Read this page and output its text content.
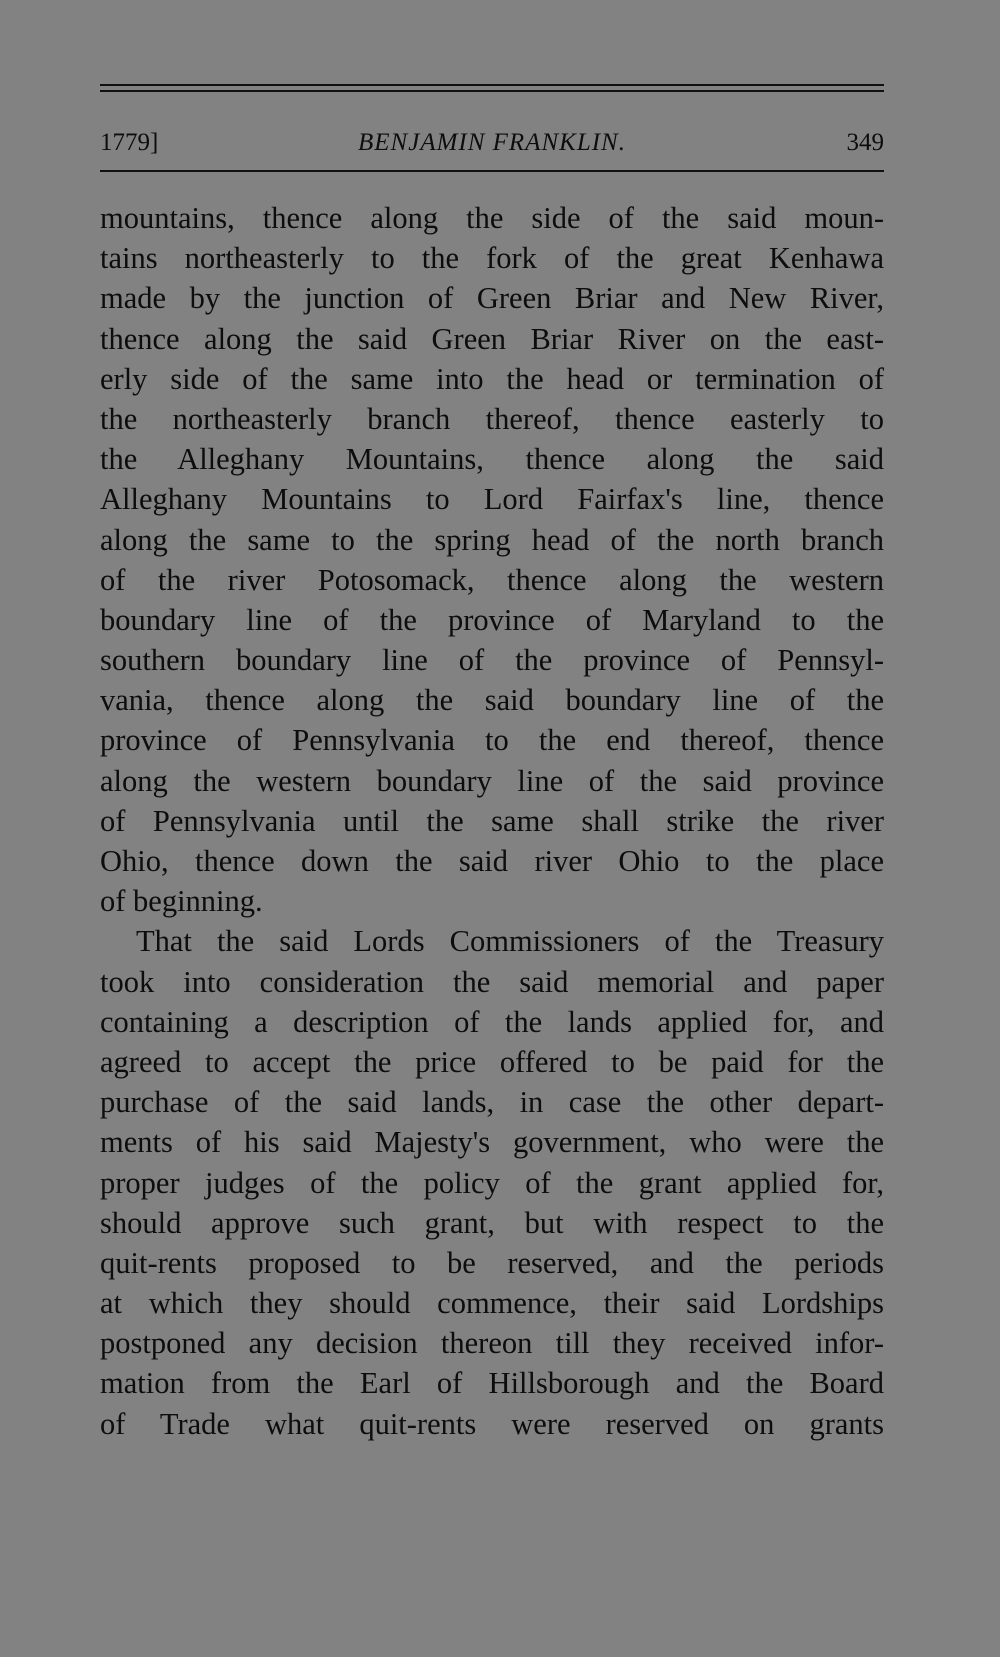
1779]	BENJAMIN FRANKLIN.	349
mountains, thence along the side of the said moun-
tains northeasterly to the fork of the great Kenhawa
made by the junction of Green Briar and New River,
thence along the said Green Briar River on the east-
erly side of the same into the head or termination of
the northeasterly branch thereof, thence easterly to
the Alleghany Mountains, thence along the said
Alleghany Mountains to Lord Fairfax's line, thence
along the same to the spring head of the north branch
of the river Potosomack, thence along the western
boundary line of the province of Maryland to the
southern boundary line of the province of Pennsyl-
vania, thence along the said boundary line of the
province of Pennsylvania to the end thereof, thence
along the western boundary line of the said province
of Pennsylvania until the same shall strike the river
Ohio, thence down the said river Ohio to the place
of beginning.
That the said Lords Commissioners of the Treasury
took into consideration the said memorial and paper
containing a description of the lands applied for, and
agreed to accept the price offered to be paid for the
purchase of the said lands, in case the other depart-
ments of his said Majesty's government, who were the
proper judges of the policy of the grant applied for,
should approve such grant, but with respect to the
quit-rents proposed to be reserved, and the periods
at which they should commence, their said Lordships
postponed any decision thereon till they received infor-
mation from the Earl of Hillsborough and the Board
of Trade what quit-rents were reserved on grants
